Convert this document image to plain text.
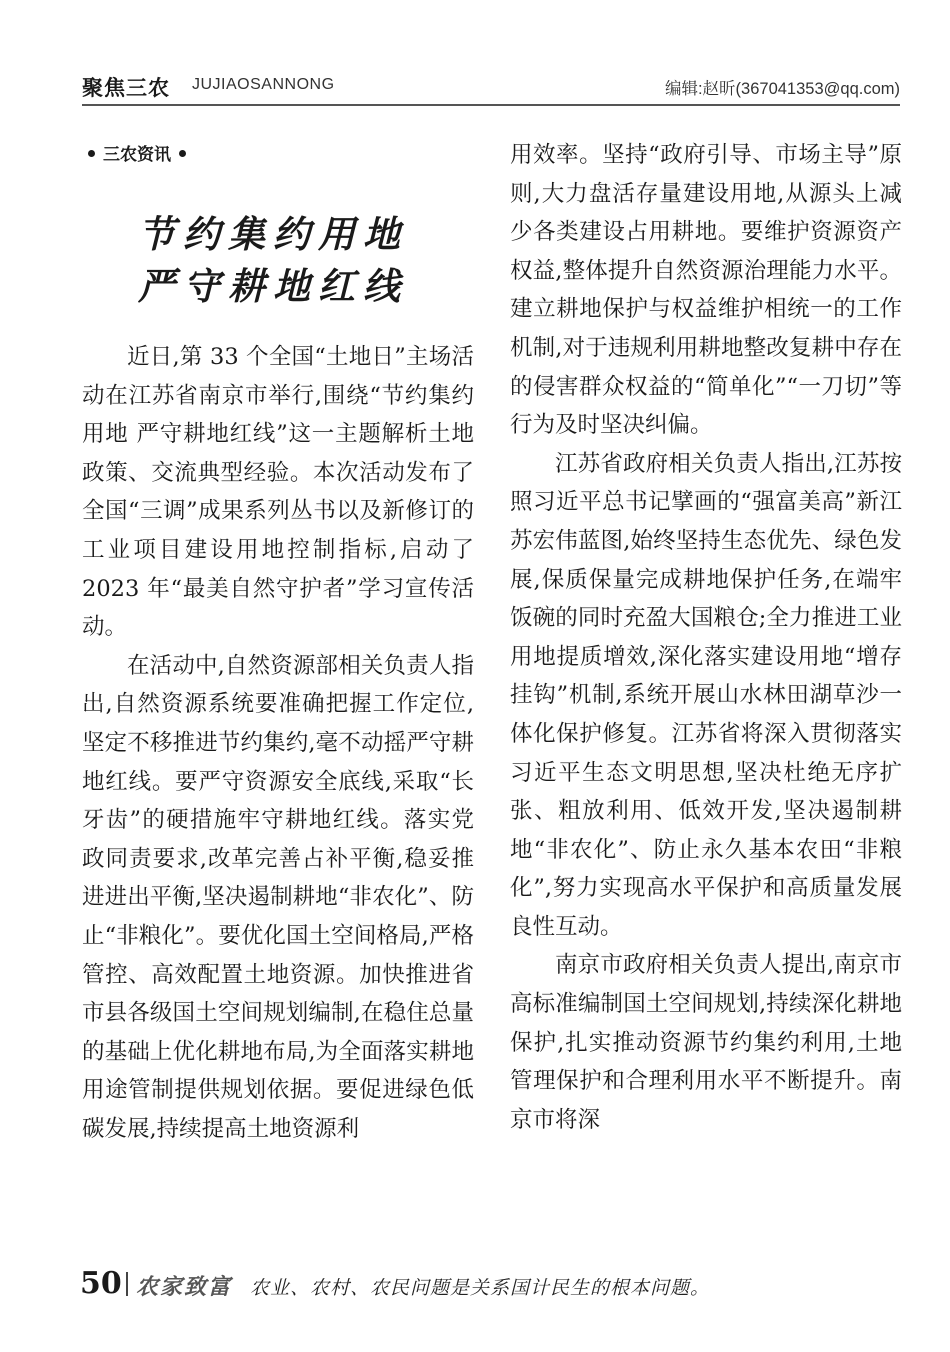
聚焦三农 JUJIAOSANNONG	编辑:赵昕(367041353@qq.com)
三农资讯
节约集约用地
严守耕地红线

近日,第 33 个全国“土地日”主场活动在江苏省南京市举行,围绕“节约集约用地 严守耕地红线”这一主题解析土地政策、交流典型经验。本次活动发布了全国“三调”成果系列丛书以及新修订的工业项目建设用地控制指标,启动了 2023 年“最美自然守护者”学习宣传活动。

在活动中,自然资源部相关负责人指出,自然资源系统要准确把握工作定位,坚定不移推进节约集约,毫不动摇严守耕地红线。要严守资源安全底线,采取“长牙齿”的硬措施牢守耕地红线。落实党政同责要求,改革完善占补平衡,稳妥推进进出平衡,坚决遏制耕地“非农化”、防止“非粮化”。要优化国土空间格局,严格管控、高效配置土地资源。加快推进省市县各级国土空间规划编制,在稳住总量的基础上优化耕地布局,为全面落实耕地用途管制提供规划依据。要促进绿色低碳发展,持续提高土地资源利

用效率。坚持“政府引导、市场主导”原则,大力盘活存量建设用地,从源头上减少各类建设占用耕地。要维护资源资产权益,整体提升自然资源治理能力水平。建立耕地保护与权益维护相统一的工作机制,对于违规利用耕地整改复耕中存在的侵害群众权益的“简单化”“一刀切”等行为及时坚决纠偏。

江苏省政府相关负责人指出,江苏按照习近平总书记擘画的“强富美高”新江苏宏伟蓝图,始终坚持生态优先、绿色发展,保质保量完成耕地保护任务,在端牢饭碗的同时充盈大国粮仓;全力推进工业用地提质增效,深化落实建设用地“增存挂钩”机制,系统开展山水林田湖草沙一体化保护修复。江苏省将深入贯彻落实习近平生态文明思想,坚决杜绝无序扩张、粗放利用、低效开发,坚决遏制耕地“非农化”、防止永久基本农田“非粮化”,努力实现高水平保护和高质量发展良性互动。

南京市政府相关负责人提出,南京市高标准编制国土空间规划,持续深化耕地保护,扎实推动资源节约集约利用,土地管理保护和合理利用水平不断提升。南京市将深

50 农家致富 农业、农村、农民问题是关系国计民生的根本问题。
